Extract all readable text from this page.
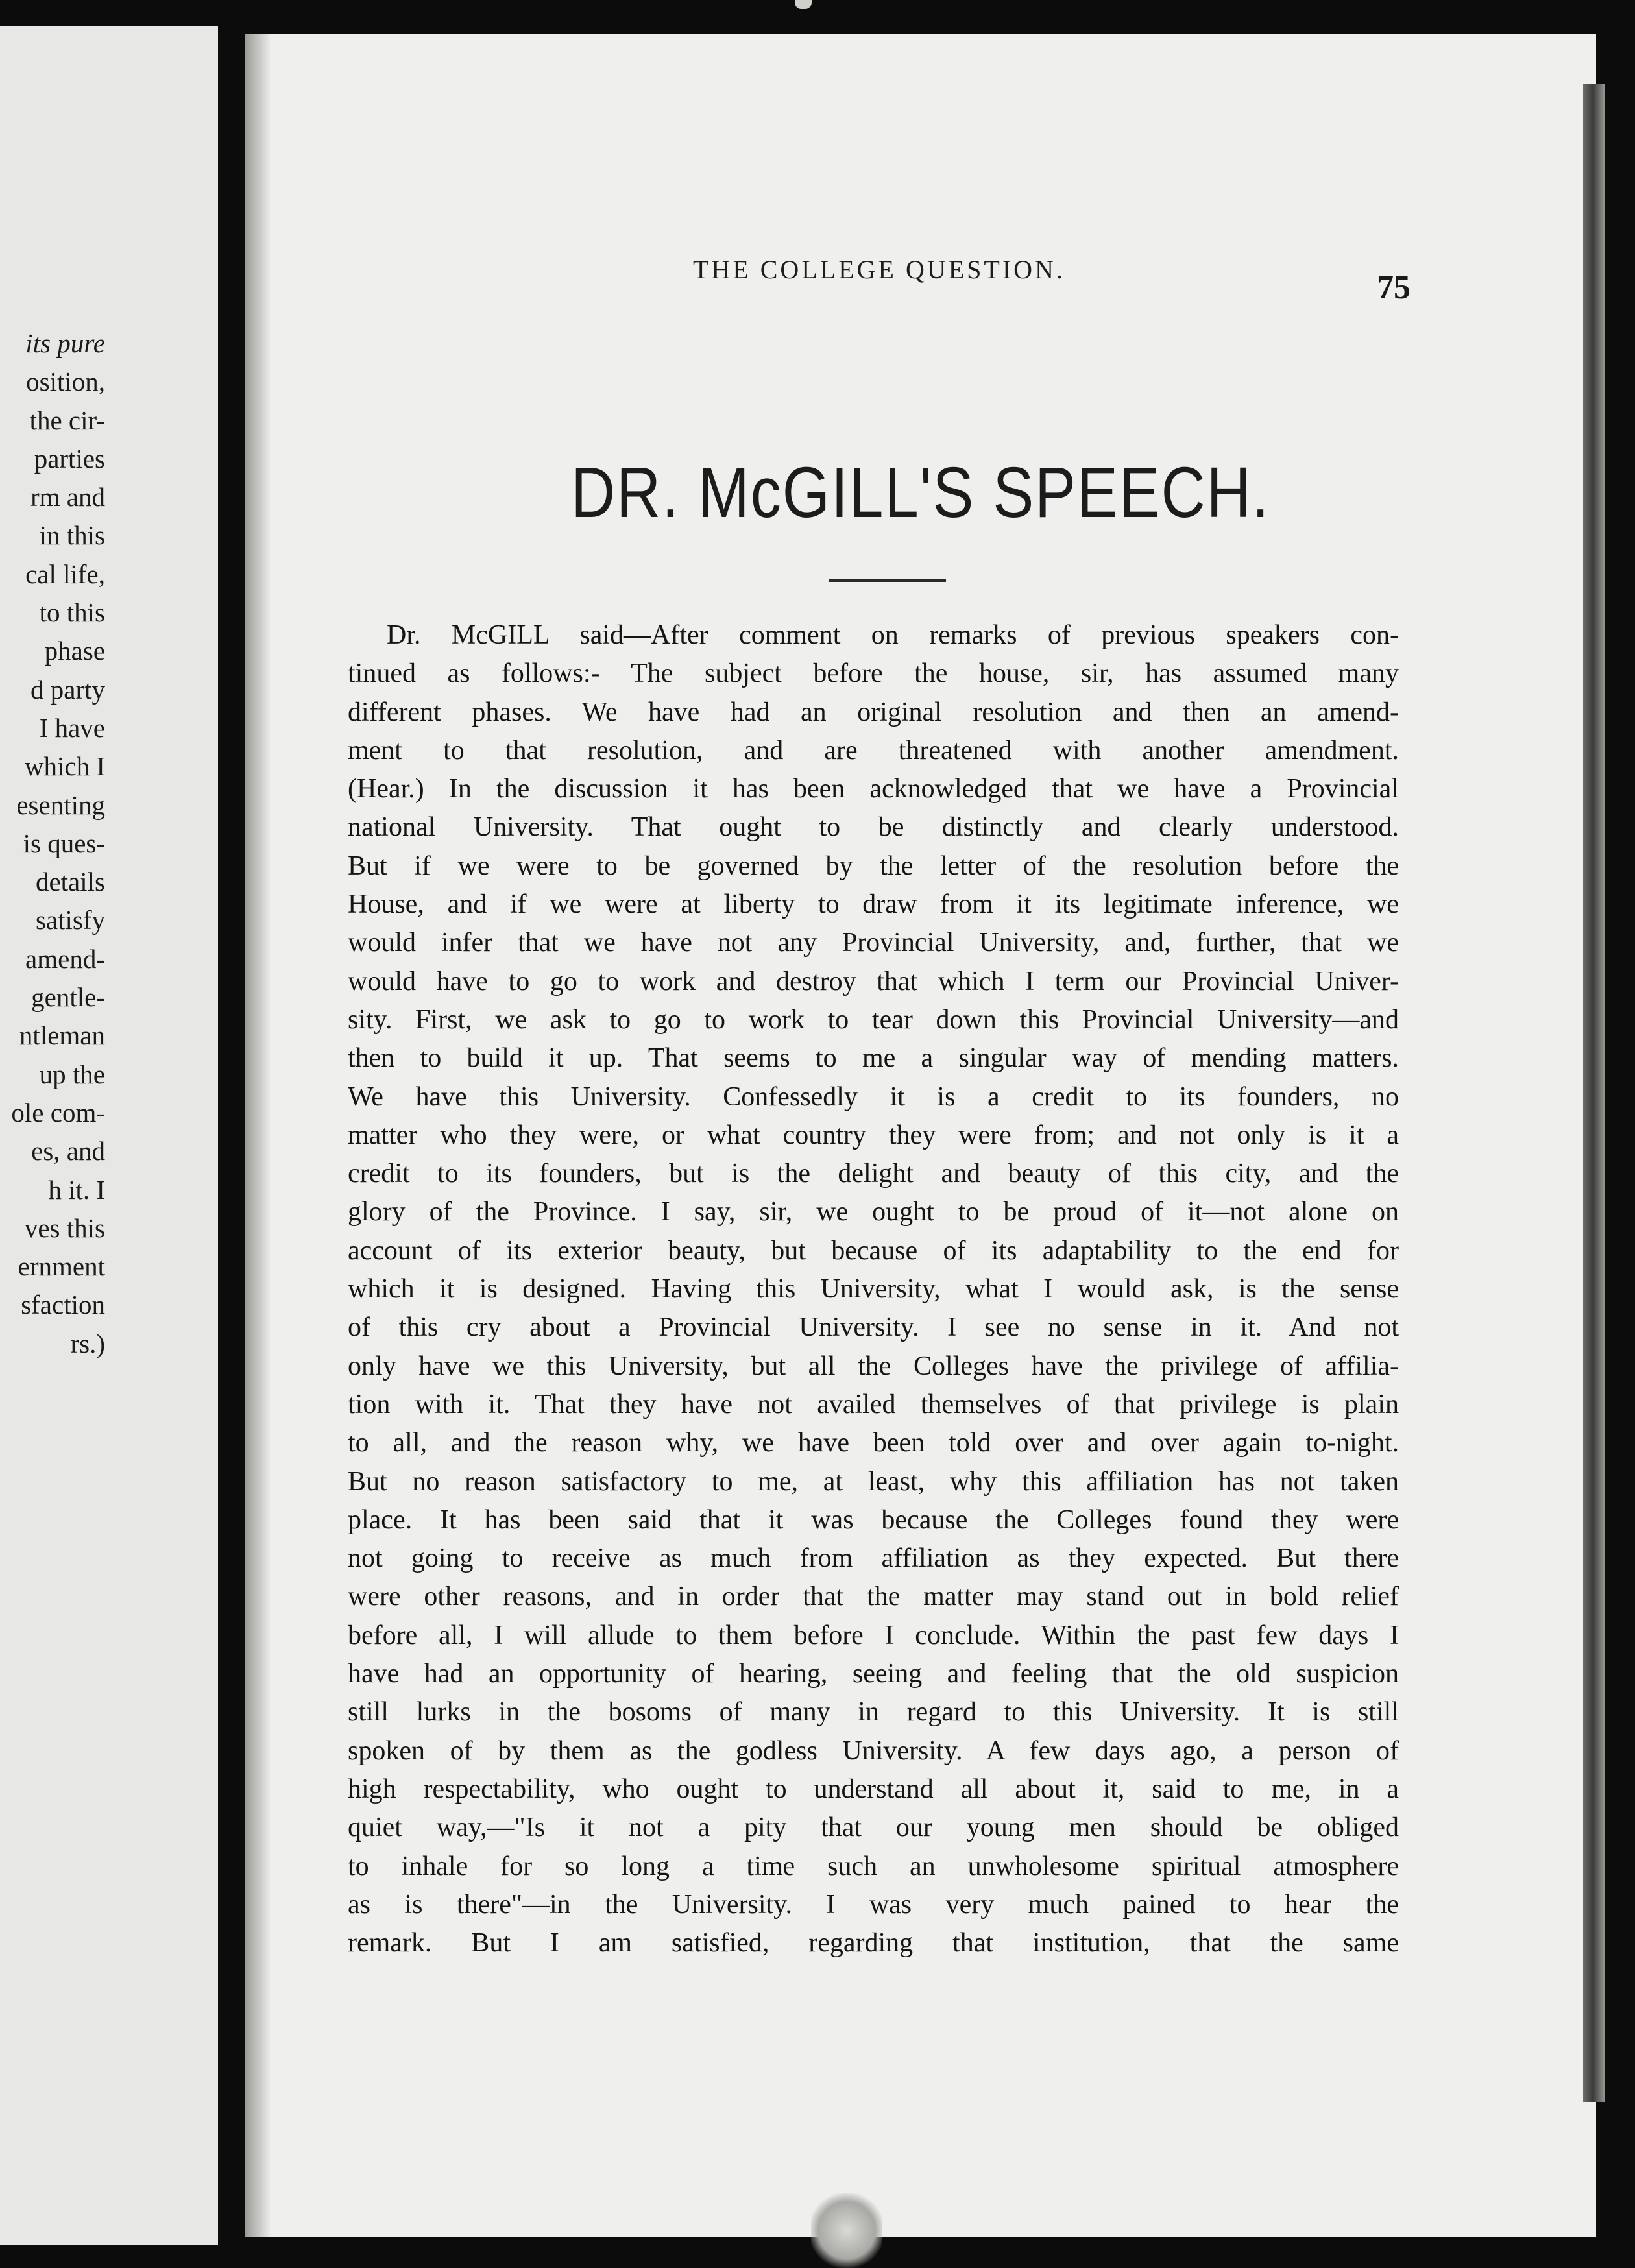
its pure
osition,
the cir-
parties
rm and
in this
cal life,
to this
phase
d party
I have
which I
esenting
is ques-
details
satisfy
amend-
gentle-
ntleman
up the
ole com-
es, and
h it. I
ves this
ernment
sfaction
rs.)
THE COLLEGE QUESTION.	75
DR. McGILL'S SPEECH.
Dr. McGILL said—After comment on remarks of previous speakers con-
tinued as follows:- The subject before the house, sir, has assumed many
different phases. We have had an original resolution and then an amend-
ment to that resolution, and are threatened with another amendment.
(Hear.) In the discussion it has been acknowledged that we have a Provincial
national University. That ought to be distinctly and clearly understood.
But if we were to be governed by the letter of the resolution before the
House, and if we were at liberty to draw from it its legitimate inference, we
would infer that we have not any Provincial University, and, further, that we
would have to go to work and destroy that which I term our Provincial Univer-
sity. First, we ask to go to work to tear down this Provincial University—and
then to build it up. That seems to me a singular way of mending matters.
We have this University. Confessedly it is a credit to its founders, no
matter who they were, or what country they were from; and not only is it a
credit to its founders, but is the delight and beauty of this city, and the
glory of the Province. I say, sir, we ought to be proud of it—not alone on
account of its exterior beauty, but because of its adaptability to the end for
which it is designed. Having this University, what I would ask, is the sense
of this cry about a Provincial University. I see no sense in it. And not
only have we this University, but all the Colleges have the privilege of affilia-
tion with it. That they have not availed themselves of that privilege is plain
to all, and the reason why, we have been told over and over again to-night.
But no reason satisfactory to me, at least, why this affiliation has not taken
place. It has been said that it was because the Colleges found they were
not going to receive as much from affiliation as they expected. But there
were other reasons, and in order that the matter may stand out in bold relief
before all, I will allude to them before I conclude. Within the past few days I
have had an opportunity of hearing, seeing and feeling that the old suspicion
still lurks in the bosoms of many in regard to this University. It is still
spoken of by them as the godless University. A few days ago, a person of
high respectability, who ought to understand all about it, said to me, in a
quiet way,—"Is it not a pity that our young men should be obliged
to inhale for so long a time such an unwholesome spiritual atmosphere
as is there"—in the University. I was very much pained to hear the
remark. But I am satisfied, regarding that institution, that the same
